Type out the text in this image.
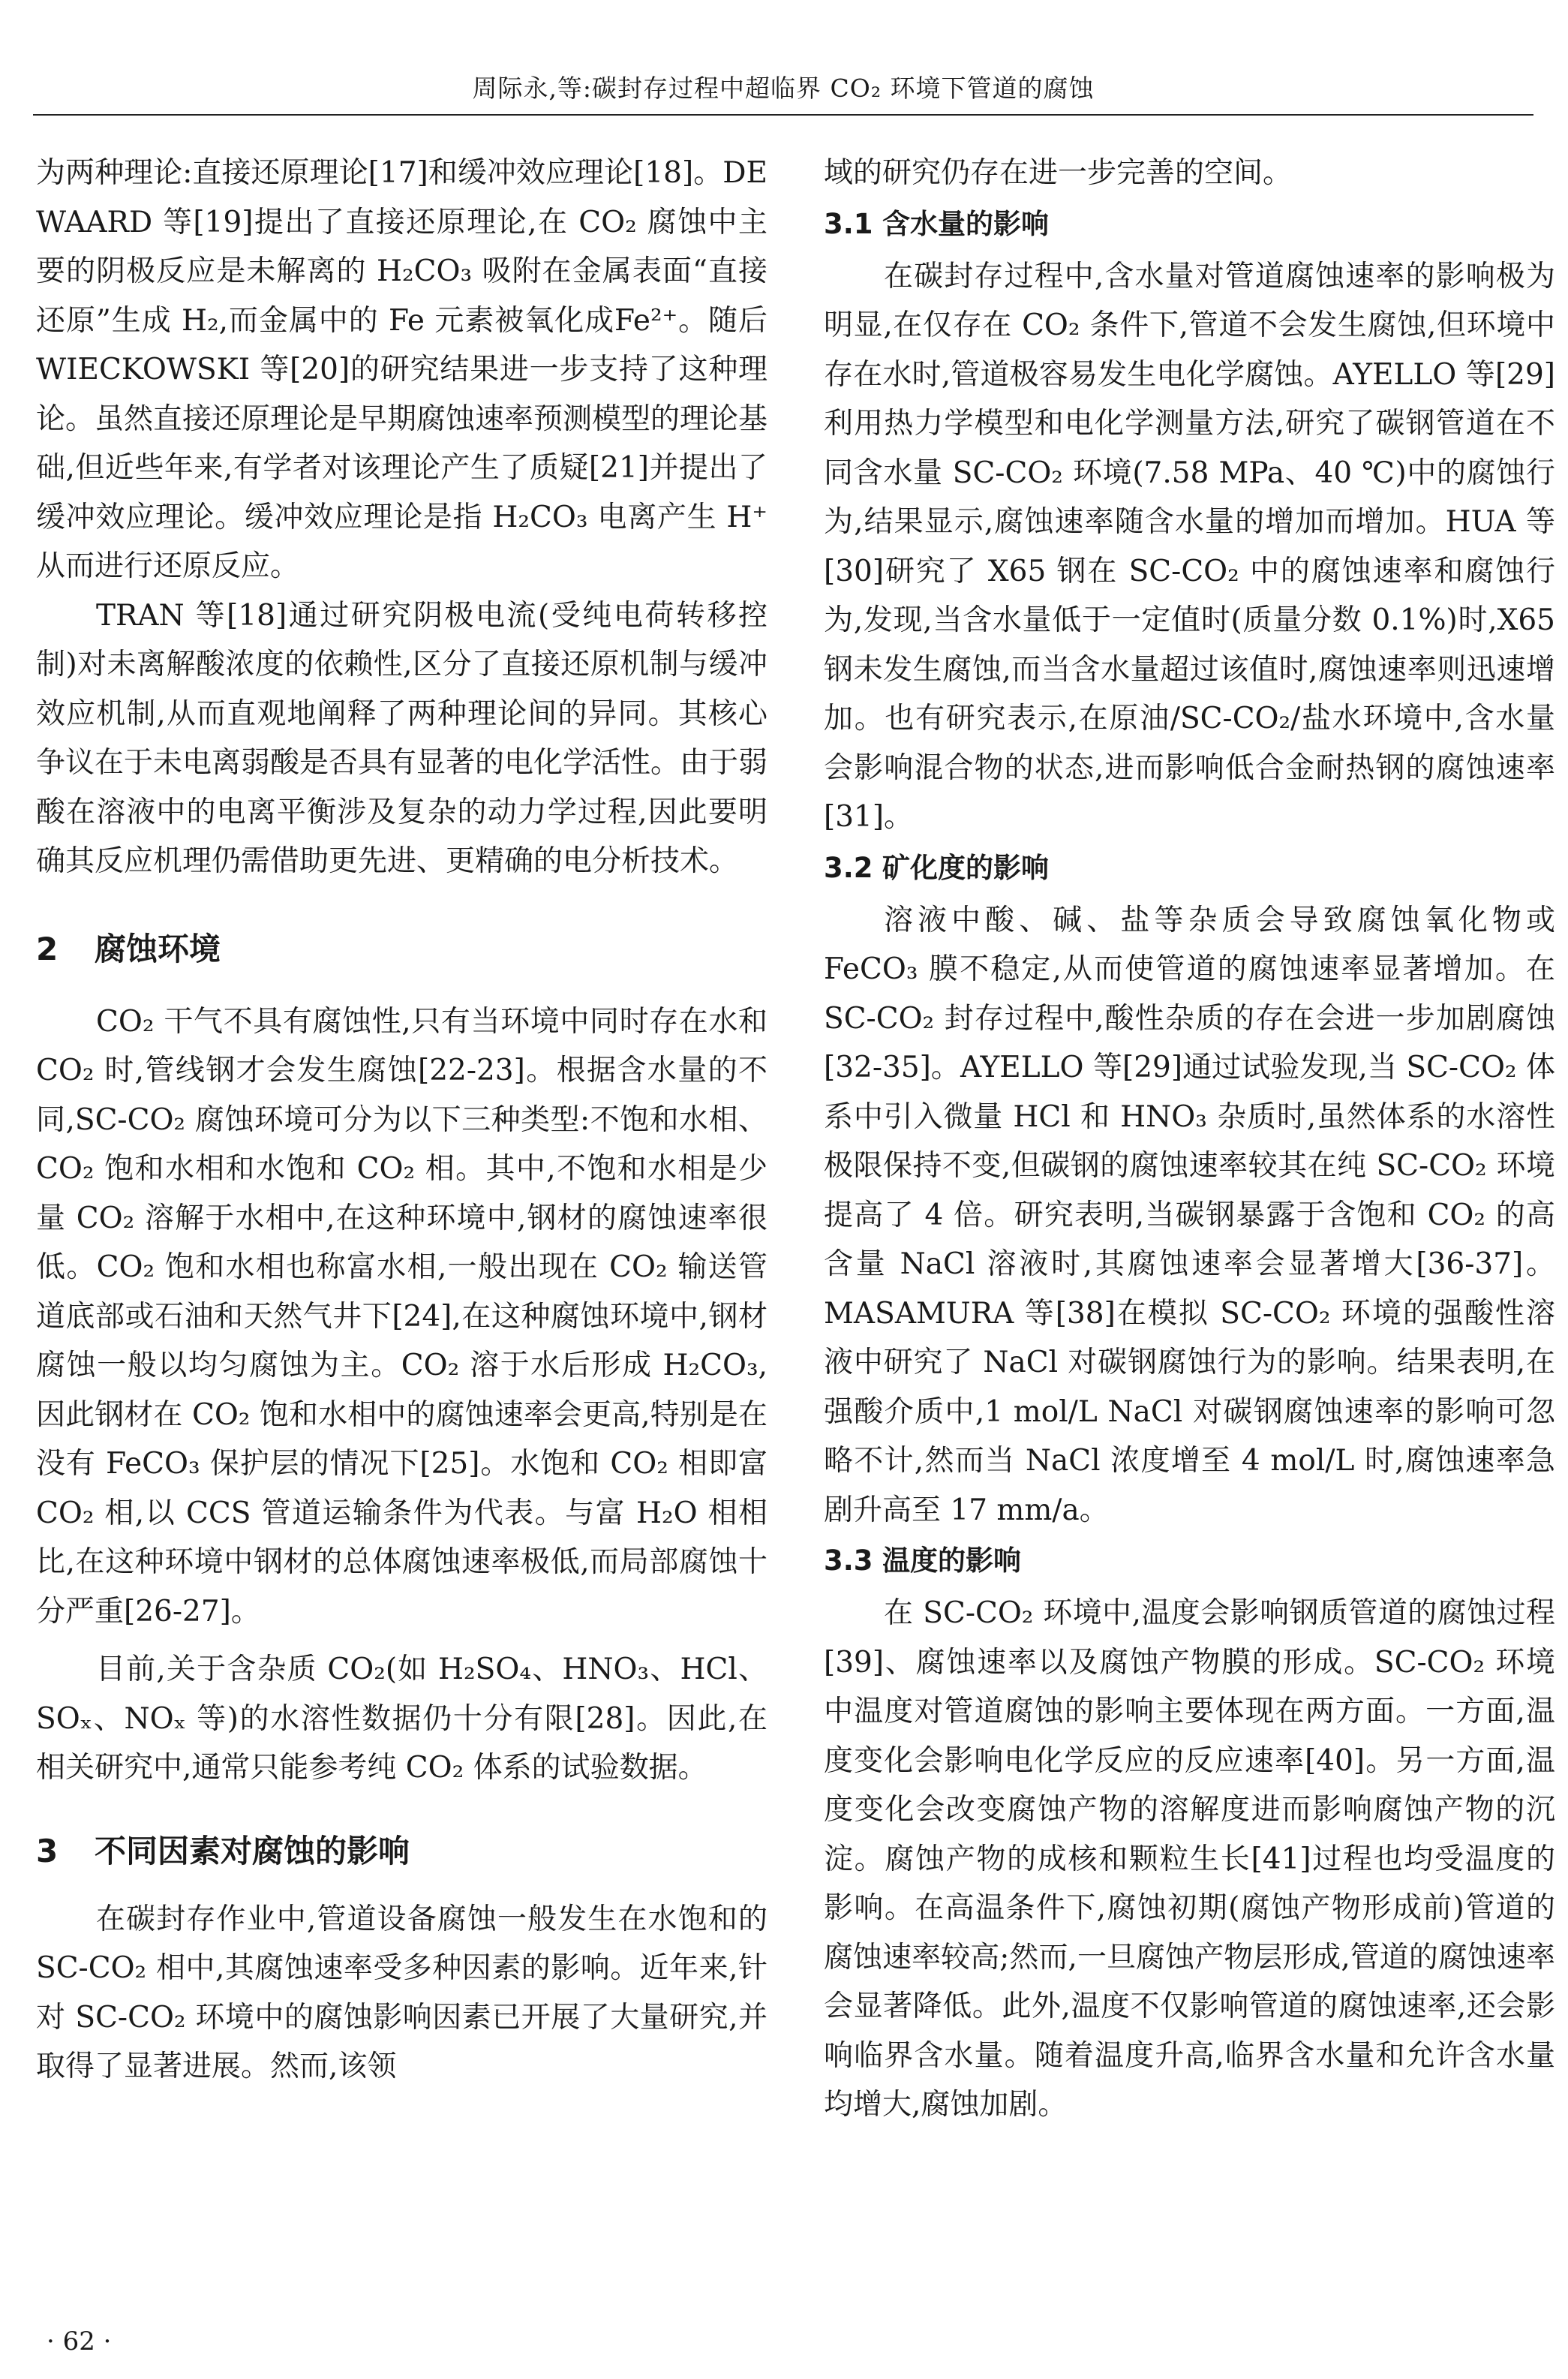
周际永,等:碳封存过程中超临界 CO₂ 环境下管道的腐蚀

为两种理论:直接还原理论[17]和缓冲效应理论[18]。DE WAARD 等[19]提出了直接还原理论,在 CO₂ 腐蚀中主要的阴极反应是未解离的 H₂CO₃ 吸附在金属表面“直接还原”生成 H₂,而金属中的 Fe 元素被氧化成Fe²⁺。随后 WIECKOWSKI 等[20]的研究结果进一步支持了这种理论。虽然直接还原理论是早期腐蚀速率预测模型的理论基础,但近些年来,有学者对该理论产生了质疑[21]并提出了缓冲效应理论。缓冲效应理论是指 H₂CO₃ 电离产生 H⁺ 从而进行还原反应。

TRAN 等[18]通过研究阴极电流(受纯电荷转移控制)对未离解酸浓度的依赖性,区分了直接还原机制与缓冲效应机制,从而直观地阐释了两种理论间的异同。其核心争议在于未电离弱酸是否具有显著的电化学活性。由于弱酸在溶液中的电离平衡涉及复杂的动力学过程,因此要明确其反应机理仍需借助更先进、更精确的电分析技术。

2 腐蚀环境

CO₂ 干气不具有腐蚀性,只有当环境中同时存在水和 CO₂ 时,管线钢才会发生腐蚀[22-23]。根据含水量的不同,SC-CO₂ 腐蚀环境可分为以下三种类型:不饱和水相、CO₂ 饱和水相和水饱和 CO₂ 相。其中,不饱和水相是少量 CO₂ 溶解于水相中,在这种环境中,钢材的腐蚀速率很低。CO₂ 饱和水相也称富水相,一般出现在 CO₂ 输送管道底部或石油和天然气井下[24],在这种腐蚀环境中,钢材腐蚀一般以均匀腐蚀为主。CO₂ 溶于水后形成 H₂CO₃,因此钢材在 CO₂ 饱和水相中的腐蚀速率会更高,特别是在没有 FeCO₃ 保护层的情况下[25]。水饱和 CO₂ 相即富 CO₂ 相,以 CCS 管道运输条件为代表。与富 H₂O 相相比,在这种环境中钢材的总体腐蚀速率极低,而局部腐蚀十分严重[26-27]。

目前,关于含杂质 CO₂(如 H₂SO₄、HNO₃、HCl、SOₓ、NOₓ 等)的水溶性数据仍十分有限[28]。因此,在相关研究中,通常只能参考纯 CO₂ 体系的试验数据。

3 不同因素对腐蚀的影响

在碳封存作业中,管道设备腐蚀一般发生在水饱和的 SC-CO₂ 相中,其腐蚀速率受多种因素的影响。近年来,针对 SC-CO₂ 环境中的腐蚀影响因素已开展了大量研究,并取得了显著进展。然而,该领

域的研究仍存在进一步完善的空间。

3.1 含水量的影响

在碳封存过程中,含水量对管道腐蚀速率的影响极为明显,在仅存在 CO₂ 条件下,管道不会发生腐蚀,但环境中存在水时,管道极容易发生电化学腐蚀。AYELLO 等[29]利用热力学模型和电化学测量方法,研究了碳钢管道在不同含水量 SC-CO₂ 环境(7.58 MPa、40 ℃)中的腐蚀行为,结果显示,腐蚀速率随含水量的增加而增加。HUA 等[30]研究了 X65 钢在 SC-CO₂ 中的腐蚀速率和腐蚀行为,发现,当含水量低于一定值时(质量分数 0.1%)时,X65 钢未发生腐蚀,而当含水量超过该值时,腐蚀速率则迅速增加。也有研究表示,在原油/SC-CO₂/盐水环境中,含水量会影响混合物的状态,进而影响低合金耐热钢的腐蚀速率[31]。

3.2 矿化度的影响

溶液中酸、碱、盐等杂质会导致腐蚀氧化物或 FeCO₃ 膜不稳定,从而使管道的腐蚀速率显著增加。在 SC-CO₂ 封存过程中,酸性杂质的存在会进一步加剧腐蚀[32-35]。AYELLO 等[29]通过试验发现,当 SC-CO₂ 体系中引入微量 HCl 和 HNO₃ 杂质时,虽然体系的水溶性极限保持不变,但碳钢的腐蚀速率较其在纯 SC-CO₂ 环境提高了 4 倍。研究表明,当碳钢暴露于含饱和 CO₂ 的高含量 NaCl 溶液时,其腐蚀速率会显著增大[36-37]。MASAMURA 等[38]在模拟 SC-CO₂ 环境的强酸性溶液中研究了 NaCl 对碳钢腐蚀行为的影响。结果表明,在强酸介质中,1 mol/L NaCl 对碳钢腐蚀速率的影响可忽略不计,然而当 NaCl 浓度增至 4 mol/L 时,腐蚀速率急剧升高至 17 mm/a。

3.3 温度的影响

在 SC-CO₂ 环境中,温度会影响钢质管道的腐蚀过程[39]、腐蚀速率以及腐蚀产物膜的形成。SC-CO₂ 环境中温度对管道腐蚀的影响主要体现在两方面。一方面,温度变化会影响电化学反应的反应速率[40]。另一方面,温度变化会改变腐蚀产物的溶解度进而影响腐蚀产物的沉淀。腐蚀产物的成核和颗粒生长[41]过程也均受温度的影响。在高温条件下,腐蚀初期(腐蚀产物形成前)管道的腐蚀速率较高;然而,一旦腐蚀产物层形成,管道的腐蚀速率会显著降低。此外,温度不仅影响管道的腐蚀速率,还会影响临界含水量。随着温度升高,临界含水量和允许含水量均增大,腐蚀加剧。

· 62 ·
